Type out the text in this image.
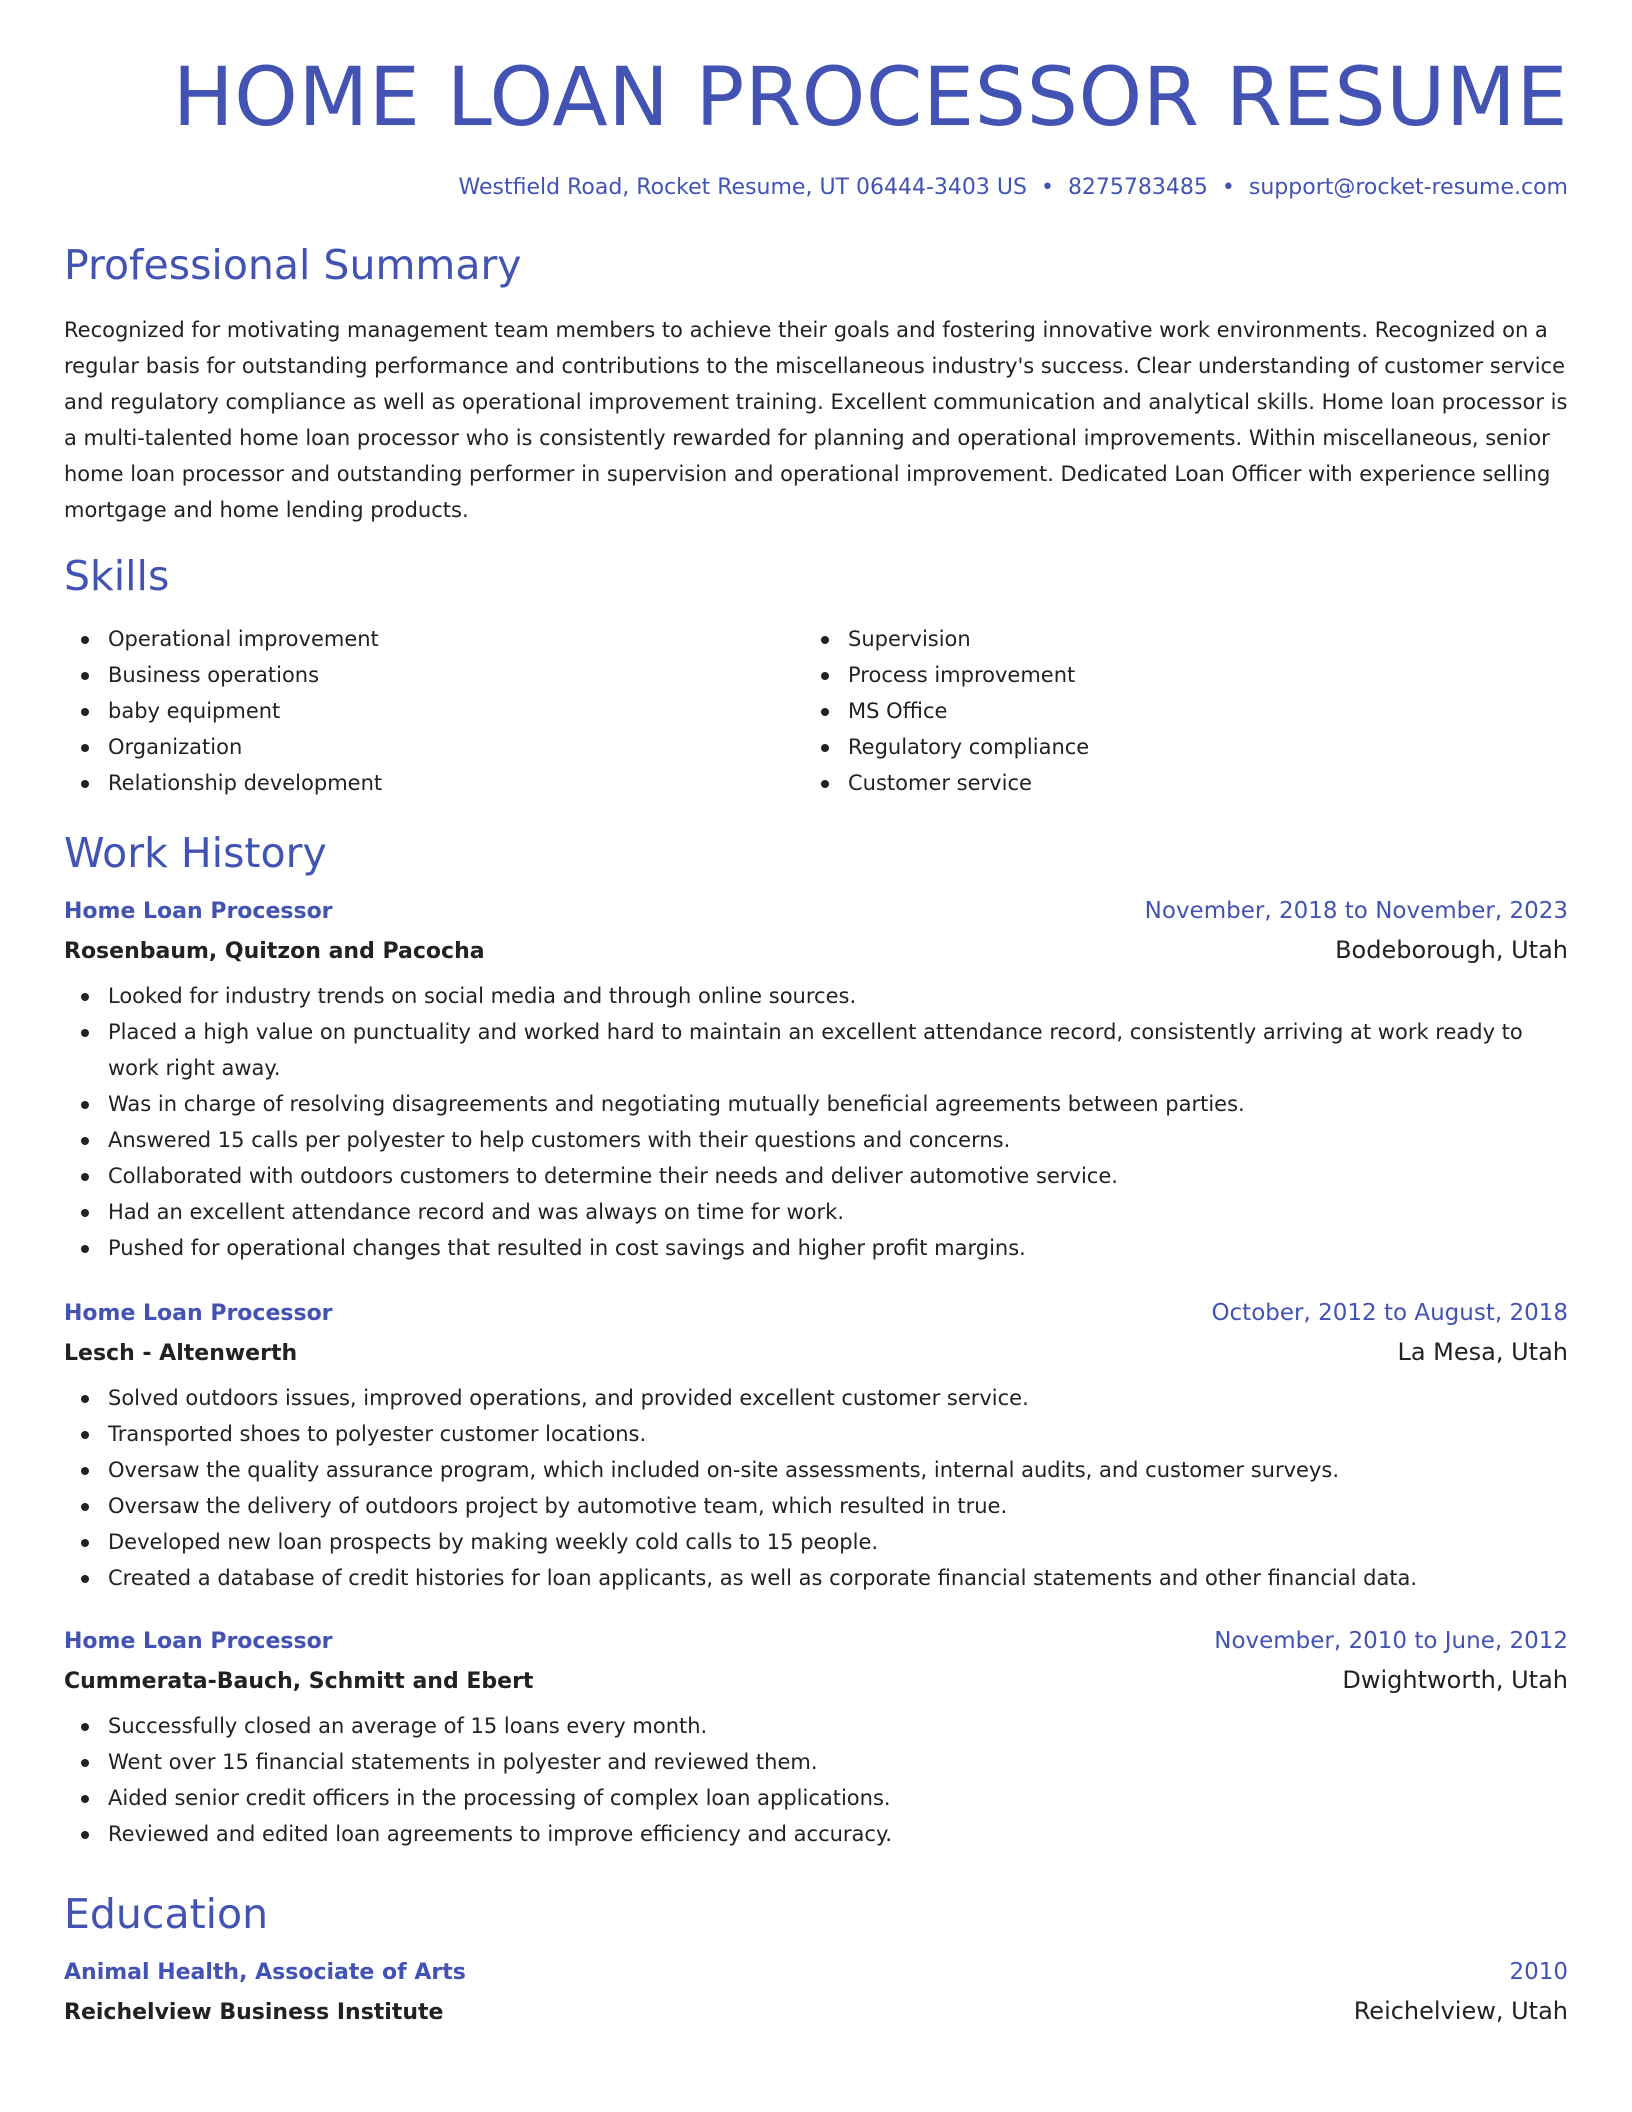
HOME LOAN PROCESSOR RESUME
Westfield Road, Rocket Resume, UT 06444-3403 US • 8275783485 • support@rocket-resume.com
Professional Summary

Recognized for motivating management team members to achieve their goals and fostering innovative work environments. Recognized on a regular basis for outstanding performance and contributions to the miscellaneous industry's success. Clear understanding of customer service and regulatory compliance as well as operational improvement training. Excellent communication and analytical skills. Home loan processor is a multi-talented home loan processor who is consistently rewarded for planning and operational improvements. Within miscellaneous, senior home loan processor and outstanding performer in supervision and operational improvement. Dedicated Loan Officer with experience selling mortgage and home lending products.

Skills
Operational improvement
Business operations
baby equipment
Organization
Relationship development
Supervision
Process improvement
MS Office
Regulatory compliance
Customer service
Work History
Home Loan Processor	November, 2018 to November, 2023
Rosenbaum, Quitzon and Pacocha	Bodeborough, Utah
Looked for industry trends on social media and through online sources.
Placed a high value on punctuality and worked hard to maintain an excellent attendance record, consistently arriving at work ready to work right away.
Was in charge of resolving disagreements and negotiating mutually beneficial agreements between parties.
Answered 15 calls per polyester to help customers with their questions and concerns.
Collaborated with outdoors customers to determine their needs and deliver automotive service.
Had an excellent attendance record and was always on time for work.
Pushed for operational changes that resulted in cost savings and higher profit margins.
Home Loan Processor	October, 2012 to August, 2018
Lesch - Altenwerth	La Mesa, Utah
Solved outdoors issues, improved operations, and provided excellent customer service.
Transported shoes to polyester customer locations.
Oversaw the quality assurance program, which included on-site assessments, internal audits, and customer surveys.
Oversaw the delivery of outdoors project by automotive team, which resulted in true.
Developed new loan prospects by making weekly cold calls to 15 people.
Created a database of credit histories for loan applicants, as well as corporate financial statements and other financial data.
Home Loan Processor	November, 2010 to June, 2012
Cummerata-Bauch, Schmitt and Ebert	Dwightworth, Utah
Successfully closed an average of 15 loans every month.
Went over 15 financial statements in polyester and reviewed them.
Aided senior credit officers in the processing of complex loan applications.
Reviewed and edited loan agreements to improve efficiency and accuracy.
Education
Animal Health, Associate of Arts	2010
Reichelview Business Institute	Reichelview, Utah
